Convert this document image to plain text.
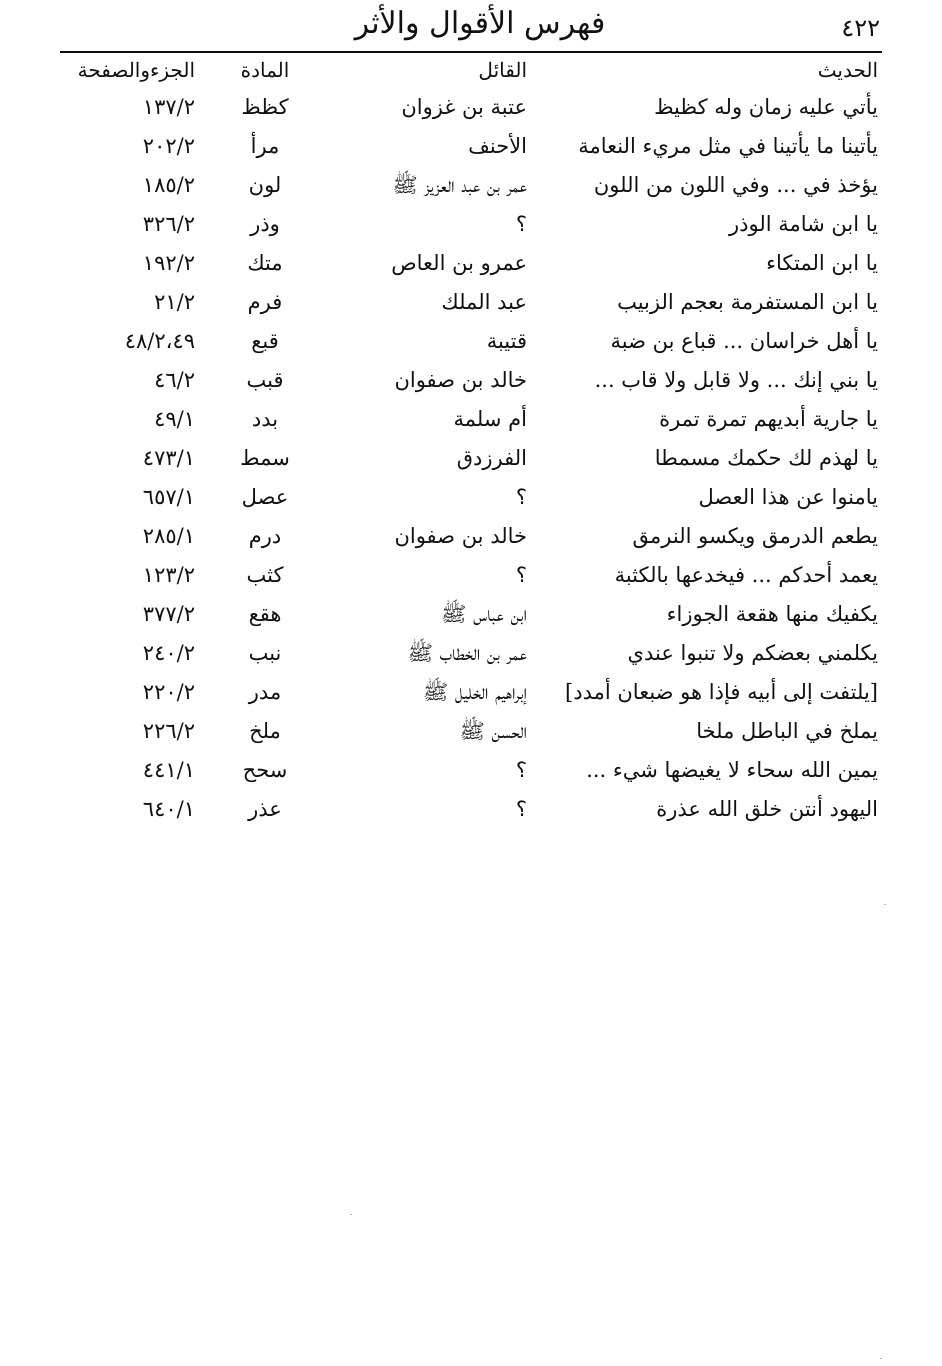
٤٢٢
فهرس الأقوال والأثر
الحديث
القائل
المادة
الجزءوالصفحة
يأتي عليه زمان وله كظيظ
عتبة بن غزوان
كظظ
١٣٧/٢
يأتينا ما يأتينا في مثل مريء النعامة
الأحنف
مرأ
٢٠٢/٢
يؤخذ في ... وفي اللون من اللون
عمر بن عبد العزيز ﷺ
لون
١٨٥/٢
يا ابن شامة الوذر
؟
وذر
٣٢٦/٢
يا ابن المتكاء
عمرو بن العاص
متك
١٩٢/٢
يا ابن المستفرمة بعجم الزبيب
عبد الملك
فرم
٢١/٢
يا أهل خراسان ... قباع بن ضبة
قتيبة
قبع
٤٨/٢،٤٩
يا بني إنك ... ولا قابل ولا قاب ...
خالد بن صفوان
قبب
٤٦/٢
يا جارية أبديهم تمرة تمرة
أم سلمة
بدد
٤٩/١
يا لهذم لك حكمك مسمطا
الفرزدق
سمط
٤٧٣/١
يامنوا عن هذا العصل
؟
عصل
٦٥٧/١
يطعم الدرمق ويكسو النرمق
خالد بن صفوان
درم
٢٨٥/١
يعمد أحدكم ... فيخدعها بالكثبة
؟
كثب
١٢٣/٢
يكفيك منها هقعة الجوزاء
ابن عباس ﷺ
هقع
٣٧٧/٢
يكلمني بعضكم ولا تنبوا عندي
عمر بن الخطاب ﷺ
نبب
٢٤٠/٢
[يلتفت إلى أبيه فإذا هو ضبعان أمدد]
إبراهيم الخليل ﷺ
مدر
٢٢٠/٢
يملخ في الباطل ملخا
الحسن ﷺ
ملخ
٢٢٦/٢
يمين الله سحاء لا يغيضها شيء ...
؟
سحح
٤٤١/١
اليهود أنتن خلق الله عذرة
؟
عذر
٦٤٠/١
